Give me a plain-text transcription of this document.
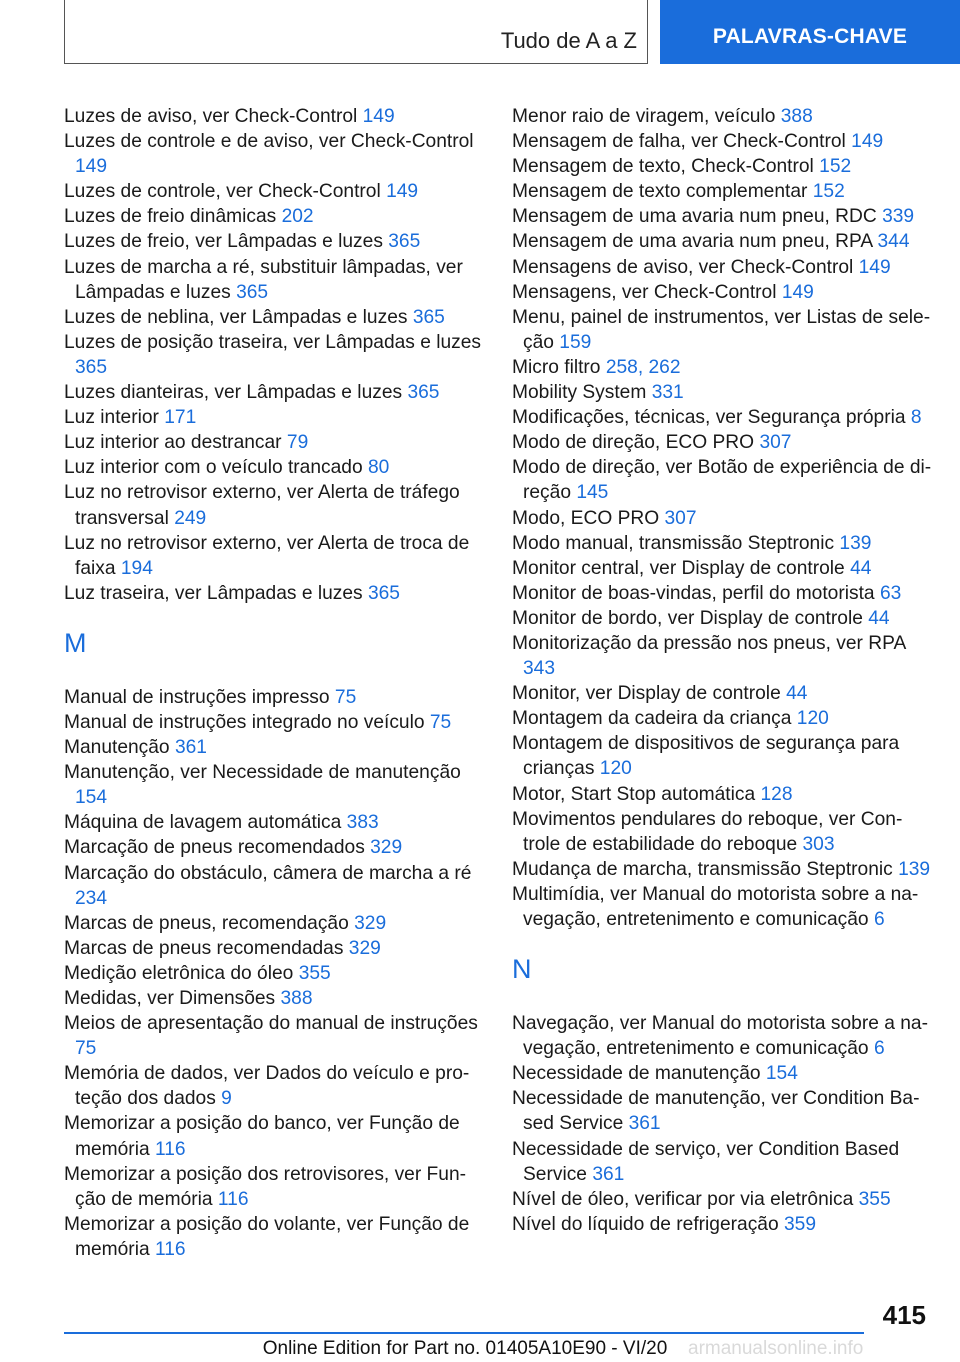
Tudo de A a Z	PALAVRAS-CHAVE
Luzes de aviso, ver Check-Control 149
Luzes de controle e de aviso, ver Check-Control 149
Luzes de controle, ver Check-Control 149
Luzes de freio dinâmicas 202
Luzes de freio, ver Lâmpadas e luzes 365
Luzes de marcha a ré, substituir lâmpadas, ver Lâmpadas e luzes 365
Luzes de neblina, ver Lâmpadas e luzes 365
Luzes de posição traseira, ver Lâmpadas e luzes 365
Luzes dianteiras, ver Lâmpadas e luzes 365
Luz interior 171
Luz interior ao destrancar 79
Luz interior com o veículo trancado 80
Luz no retrovisor externo, ver Alerta de tráfego transversal 249
Luz no retrovisor externo, ver Alerta de troca de faixa 194
Luz traseira, ver Lâmpadas e luzes 365
M
Manual de instruções impresso 75
Manual de instruções integrado no veículo 75
Manutenção 361
Manutenção, ver Necessidade de manutenção 154
Máquina de lavagem automática 383
Marcação de pneus recomendados 329
Marcação do obstáculo, câmera de marcha a ré 234
Marcas de pneus, recomendação 329
Marcas de pneus recomendadas 329
Medição eletrônica do óleo 355
Medidas, ver Dimensões 388
Meios de apresentação do manual de instruções 75
Memória de dados, ver Dados do veículo e proteção dos dados 9
Memorizar a posição do banco, ver Função de memória 116
Memorizar a posição dos retrovisores, ver Função de memória 116
Memorizar a posição do volante, ver Função de memória 116
Menor raio de viragem, veículo 388
Mensagem de falha, ver Check-Control 149
Mensagem de texto, Check-Control 152
Mensagem de texto complementar 152
Mensagem de uma avaria num pneu, RDC 339
Mensagem de uma avaria num pneu, RPA 344
Mensagens de aviso, ver Check-Control 149
Mensagens, ver Check-Control 149
Menu, painel de instrumentos, ver Listas de seleção 159
Micro filtro 258, 262
Mobility System 331
Modificações, técnicas, ver Segurança própria 8
Modo de direção, ECO PRO 307
Modo de direção, ver Botão de experiência de direção 145
Modo, ECO PRO 307
Modo manual, transmissão Steptronic 139
Monitor central, ver Display de controle 44
Monitor de boas-vindas, perfil do motorista 63
Monitor de bordo, ver Display de controle 44
Monitorização da pressão nos pneus, ver RPA 343
Monitor, ver Display de controle 44
Montagem da cadeira da criança 120
Montagem de dispositivos de segurança para crianças 120
Motor, Start Stop automática 128
Movimentos pendulares do reboque, ver Controle de estabilidade do reboque 303
Mudança de marcha, transmissão Steptronic 139
Multimídia, ver Manual do motorista sobre a navegação, entretenimento e comunicação 6
N
Navegação, ver Manual do motorista sobre a navegação, entretenimento e comunicação 6
Necessidade de manutenção 154
Necessidade de manutenção, ver Condition Based Service 361
Necessidade de serviço, ver Condition Based Service 361
Nível de óleo, verificar por via eletrônica 355
Nível do líquido de refrigeração 359
415
Online Edition for Part no. 01405A10E90 - VI/20	armanualsonline.info
